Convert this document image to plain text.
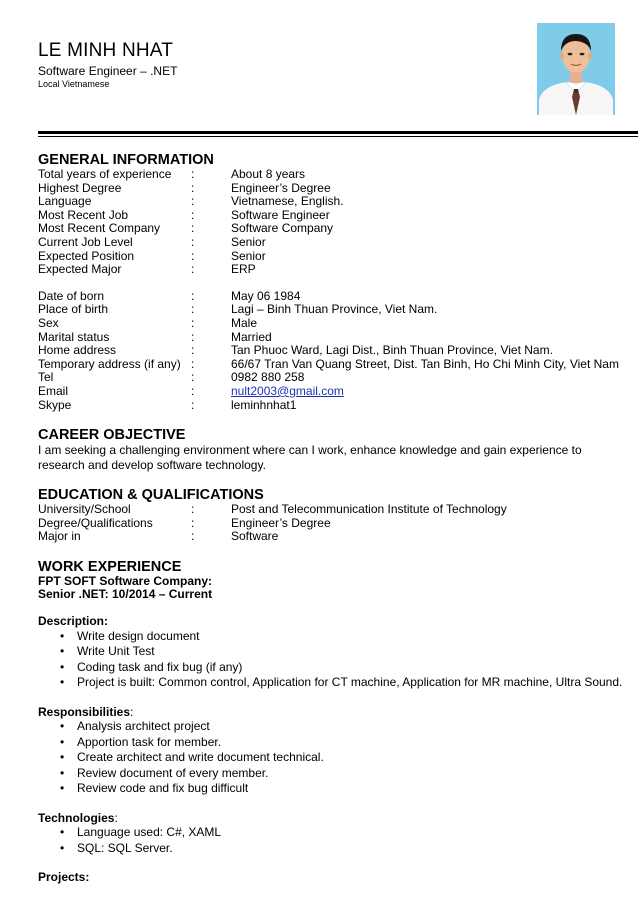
LE MINH NHAT
Software Engineer – .NET
Local Vietnamese
GENERAL INFORMATION
Total years of experience	:	About 8 years
Highest Degree	:	Engineer’s Degree
Language	:	Vietnamese, English.
Most Recent Job	:	Software Engineer
Most Recent Company	:	Software Company
Current Job Level	:	Senior
Expected Position	:	Senior
Expected Major	:	ERP
Date of born	:	May 06 1984
Place of birth	:	Lagi – Binh Thuan Province, Viet Nam.
Sex	:	Male
Marital status	:	Married
Home address	:	Tan Phuoc Ward, Lagi Dist., Binh Thuan Province, Viet Nam.
Temporary address (if any) :	66/67 Tran Van Quang Street, Dist. Tan Binh, Ho Chi Minh City, Viet Nam
Tel	:	0982 880 258
Email	:	nult2003@gmail.com
Skype	:	leminhnhat1
CAREER OBJECTIVE
I am seeking a challenging environment where can I work, enhance knowledge and gain experience to research and develop software technology.
EDUCATION & QUALIFICATIONS
University/School	:	Post and Telecommunication Institute of Technology
Degree/Qualifications	:	Engineer’s Degree
Major in	:	Software
WORK EXPERIENCE
FPT SOFT Software Company:
Senior .NET: 10/2014 – Current
Description:
• Write design document
• Write Unit Test
• Coding task and fix bug (if any)
• Project is built: Common control, Application for CT machine, Application for MR machine, Ultra Sound.
Responsibilities:
• Analysis architect project
• Apportion task for member.
• Create architect and write document technical.
• Review document of every member.
• Review code and fix bug difficult
Technologies:
• Language used: C#, XAML
• SQL: SQL Server.
Projects:
